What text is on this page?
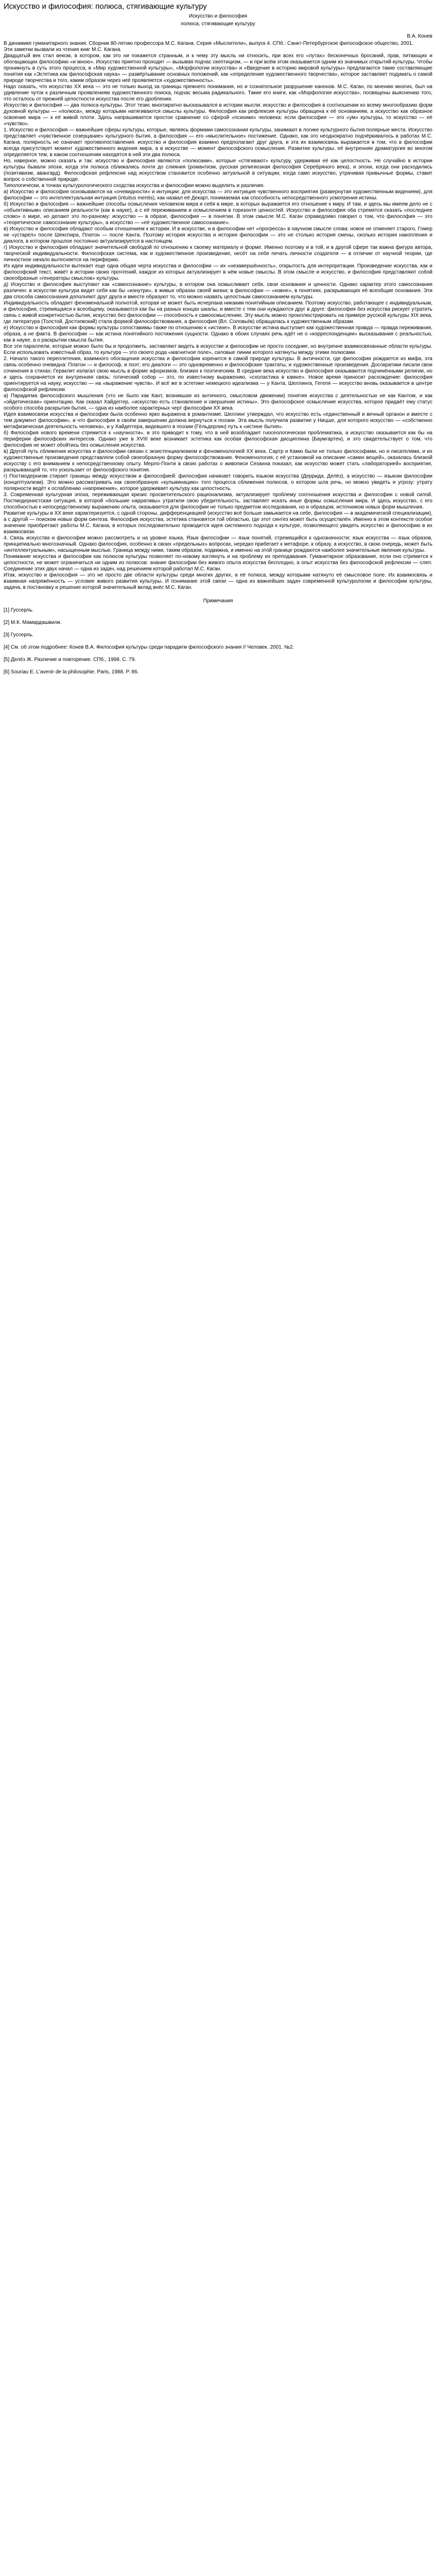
Искусство и философия: полюса, стягивающие культуру
Искусство и философия
полюса, стягивающие культуру
В.А. Конев

В динамике гуманитарного знания. Сборник 80-летию профессора М.С. Кагана. Серия «Мыслители», выпуск 4. СПб.: Санкт-Петербургское философское общество, 2001.

Эти заметки вызвали из чтения книг М.С. Кагана.

Двадцатый век стал веком, в котором, как это ни покажется странным, и к чему эту мысль ни относить, при всех его «путах» бесконечных бросаний, прав, питающих и обогащающих философию «и мною». Искусство приятно проходит — вызывая подчас скептицизм, — и при всём этом оказывается одним из значимых открытий культуры. Чтобы проникнуть в суть этого процесса, в «Мир художественной культуры», «Морфологии искусства» и «Введение в историю мировой культуры» предлагаются такие составляющие понятия как «Эстетика как философская наука» — развёртывание основных положений, как «определение художественного творчества», которое заставляет подумать о самой природе творчества и того, каким образом через неё проявляется «художественность».

Надо сказать, что искусство XX века — это не только выход за границы прежнего понимания, но и сознательное разрушение канонов. М.С. Каган, по мнению многих, был на удивление чуток к различным проявлениям художественного поиска, подчас весьма радикального. Такие его книги, как «Морфология искусства», посвящены выяснению того, что осталось от прежней целостности искусства после его дробления.

Искусство и философия — два полюса культуры. Этот тезис многократно высказывался в истории мысли: искусство и философия в соотношении ко всему многообразию форм духовной культуры — «полюса», между которыми натягиваются смыслы культуры. Философия как рефлексия культуры обращена к её основаниям, а искусство как образное освоение мира — к её живой плоти. Здесь напрашивается простое сравнение со сферой «психики» человека: если философия — это «ум» культуры, то искусство — её «чувство».

1. Искусство и философия — важнейшие сферы культуры, которые, являясь формами самосознания культуры, занимают в логике культурного бытия полярные места. Искусство представляет «чувственное созерцание» культурного бытия, а философия — его «мыслительное» постижение. Однако, как это неоднократно подчёркивалось в работах М.С. Кагана, полярность не означает противопоставления: искусство и философия взаимно предполагают друг друга, и эта их взаимосвязь выражается в том, что в философии всегда присутствует момент художественного видения мира, а в искусстве — момент философского осмысления. Развитие культуры, её внутренняя драматургия во многом определяется тем, в каком соотношении находятся в ней эти два полюса.

Но, наверное, можно сказать и так: искусство и философия являются «полюсами», которые «стягивают» культуру, удерживая её как целостность. Не случайно в истории культуры бывали эпохи, когда эти полюса сближались почти до слияния (романтизм, русская религиозная философия Серебряного века), и эпохи, когда они расходились (позитивизм, авангард). Философская рефлексия над искусством становится особенно актуальной в ситуации, когда само искусство, утрачивая привычные формы, ставит вопрос о собственной природе.

Типологически, в точках культурологического сходства искусства и философии можно выделить и различия.

а) Искусство и философия основываются на «очевидности» и интуиции: для искусства — это интуиция чувственного восприятия (развернутая художественным видением), для философии — это интеллектуальная интуиция (intuitus mentis), как назвал её Декарт, понимаемая как способность непосредственного усмотрения истины.

б) Искусство и философия — важнейшие способы осмысления человеком мира и себя в мире, в которых выражается его отношение к миру. И там, и здесь мы имеем дело не с «объективным» описанием реальности (как в науке), а с её переживанием и осмыслением в горизонте ценностей. Искусство и философия оба стремятся сказать «последнее слово» о мире, но делают это по-разному: искусство — в образе, философия — в понятии. В этом смысле М.С. Каган справедливо говорил о том, что философия — это «теоретическое самосознание культуры», а искусство — «её художественное самосознание».

в) Искусство и философия обладают особым отношением к истории. И в искусстве, и в философии нет «прогресса» в научном смысле слова: новое не отменяет старого, Гомер не «устарел» после Шекспира, Платон — после Канта. Поэтому история искусства и история философии — это не столько история смены, сколько история накопления и диалога, в котором прошлое постоянно актуализируется в настоящем.

г) Искусство и философия обладают значительной свободой по отношению к своему материалу и форме. Именно поэтому и в той, и в другой сфере так важна фигура автора, творческой индивидуальности. Философская система, как и художественное произведение, несёт на себе печать личности создателя — в отличие от научной теории, где личностное начало вытесняется на периферию.

Из идеи индивидуальности вытекает еще одна общая черта искусства и философии — их «незавершённость», открытость для интерпретации. Произведение искусства, как и философский текст, живёт в истории своих прочтений, каждое из которых актуализирует в нём новые смыслы. В этом смысле и искусство, и философия представляют собой своеобразные «генераторы смыслов» культуры.

д) Искусство и философия выступают как «самосознание» культуры, в котором она осмысливает себя, свои основания и ценности. Однако характер этого самосознания различен: в искусстве культура видит себя как бы «изнутри», в живых образах своей жизни; в философии — «извне», в понятиях, раскрывающих её всеобщие основания. Эти два способа самосознания дополняют друг друга и вместе образуют то, что можно назвать целостным самосознанием культуры.

Индивидуальность обладает феноменальной полнотой, которая не может быть исчерпана никаким понятийным описанием. Поэтому искусство, работающее с индивидуальным, и философия, стремящаяся к всеобщему, оказываются как бы на разных концах шкалы, и вместе с тем они нуждаются друг в друге: философия без искусства рискует утратить связь с живой конкретностью бытия, искусство без философии — способность к самоосмыслению. Эту мысль можно проиллюстрировать на примере русской культуры XIX века, где литература (Толстой, Достоевский) стала формой философствования, а философия (Вл. Соловьёв) обращалась к художественным образам.

е) Искусство и философия как формы культуры сопоставимы также по отношению к «истине». В искусстве истина выступает как художественная правда — правда переживания, образа, а не факта. В философии — как истина понятийного постижения сущности. Однако в обоих случаях речь идёт не о «корреспонденции» высказывания с реальностью, как в науке, а о раскрытии смысла бытия.

Все эти параллели, которые можно было бы и продолжить, заставляют видеть в искусстве и философии не просто соседние, но внутренне взаимосвязанные области культуры. Если использовать известный образ, то культура — это своего рода «магнитное поле», силовые линии которого натянуты между этими полюсами.

2. Начало такого переплетения, взаимного обогащения искусства и философии коренится в самой природе культуры. В античности, где философия рождается из мифа, эта связь особенно очевидна: Платон — и философ, и поэт; его диалоги — это одновременно и философские трактаты, и художественные произведения. Досократики писали свои сочинения в стихах; Гераклит излагал свою мысль в форме афоризмов, близких к поэтическим. В средние века искусство и философия оказываются подчинёнными религии, но и здесь сохраняется их внутренняя связь: готический собор — это, по известному выражению, «схоластика в камне». Новое время приносит расхождение: философия ориентируется на науку, искусство — на «выражение чувств». И всё же в эстетике немецкого идеализма — у Канта, Шеллинга, Гегеля — искусство вновь оказывается в центре философской рефлексии.

а) Парадигма философского мышления (что не было как Кант, возникшая из античного, смысловом движении) понятия искусства с деятельностью не как Кантом, и как «эйдетическая» ориентацию. Как сказал Хайдеггер, «искусство есть становление и свершение истины». Это философское осмысление искусства, которое придаёт ему статус особого способа раскрытия бытия, — одна из наиболее характерных черт философии XX века.

Идея взаимосвязи искусства и философии была особенно ярко выражена в романтизме. Шеллинг утверждал, что искусство есть «единственный и вечный органон и вместе с тем документ философии», и что философия в своём завершении должна вернуться к поэзии. Эта мысль получила развитие у Ницше, для которого искусство — «собственно метафизическая деятельность человека», и у Хайдеггера, видевшего в поэзии (Гёльдерлин) путь к «истине бытия».

б) Философия нового времени стремится к «научности», и это приводит к тому, что в ней возобладает гносеологическая проблематика, а искусство оказывается как бы на периферии философских интересов. Однако уже в XVIII веке возникает эстетика как особая философская дисциплина (Баумгартен), и это свидетельствует о том, что философия не может обойтись без осмысления искусства.

в) Другой путь сближения искусства и философии связан с экзистенциализмом и феноменологией XX века. Сартр и Камю были не только философами, но и писателями, и их художественные произведения представляли собой своеобразную форму философствования. Феноменология, с её установкой на описание «самих вещей», оказалась близкой искусству с его вниманием к непосредственному опыту. Мерло-Понти в своих работах о живописи Сезанна показал, как искусство может стать «лабораторией» восприятия, раскрывающей то, что ускользает от философского понятия.

г) Постмодернизм стирает границы между искусством и философией: философия начинает говорить языком искусства (Деррида, Делёз), а искусство — языком философии (концептуализм). Это можно рассматривать как своеобразную «кульминацию» того процесса сближения полюсов, о котором шла речь, но можно увидеть и угрозу: утрату полярности ведёт к ослаблению «напряжения», которое удерживает культуру как целостность.

3. Современная культурная эпоха, переживающая кризис просветительского рационализма, актуализирует проблему соотношения искусства и философии с новой силой. Постмодернистская ситуация, в которой «большие нарративы» утратили свою убедительность, заставляет искать иные формы осмысления мира. И здесь искусство, с его способностью к непосредственному выражению опыта, оказывается для философии не только предметом исследования, но и образцом, источником новых форм мышления.

Развитие культуры в XX веке характеризуется, с одной стороны, дифференциацией (искусство всё больше замыкается на себе, философия — в академической специализации), а с другой — поиском новых форм синтеза. Философия искусства, эстетика становятся той областью, где этот синтез может быть осуществлён. Именно в этом контексте особое значение приобретают работы М.С. Кагана, в которых последовательно проводится идея системного подхода к культуре, позволяющего увидеть искусство и философию в их взаимосвязи.

4. Связь искусства и философии можно рассмотреть и на уровне языка. Язык философии — язык понятий, стремящийся к однозначности; язык искусства — язык образов, принципиально многозначный. Однако философия, особенно в своих «предельных» вопросах, нередко прибегает к метафоре, к образу, а искусство, в свою очередь, может быть «интеллектуальным», насыщенным мыслью. Граница между ними, таким образом, подвижна, и именно на этой границе рождаются наиболее значительные явления культуры.

Понимание искусства и философии как полюсов культуры позволяет по-новому взглянуть и на проблему их преподавания. Гуманитарное образование, если оно стремится к целостности, не может ограничиться ни одним из полюсов: знание философии без живого опыта искусства бесплодно, а опыт искусства без философской рефлексии — слеп. Соединение этих двух начал — одна из задач, над решением которой работал М.С. Каган.

Итак, искусство и философия — это не просто две области культуры среди многих других, а её полюса, между которыми натянуто её смысловое поле. Их взаимосвязь и взаимная напряжённость — условие живого развития культуры. И понимание этой связи — одна из важнейших задач современной культурологии и философии культуры, задача, в постановку и решение которой значительный вклад внёс М.С. Каган.

Примечания
[1] Гуссерль.
[2] М.К. Мамардашвили.
[3] Гуссерль.
[4] См. об этом подробнее: Конев В.А. Философия культуры среди парадигм философского знания // Человек. 2001. №2.
[5] Делёз Ж. Различие и повторение. СПб., 1998. С. 79.
[6] Souriau E. L'avenir de la philosophie. Paris, 1988. P. 86.
